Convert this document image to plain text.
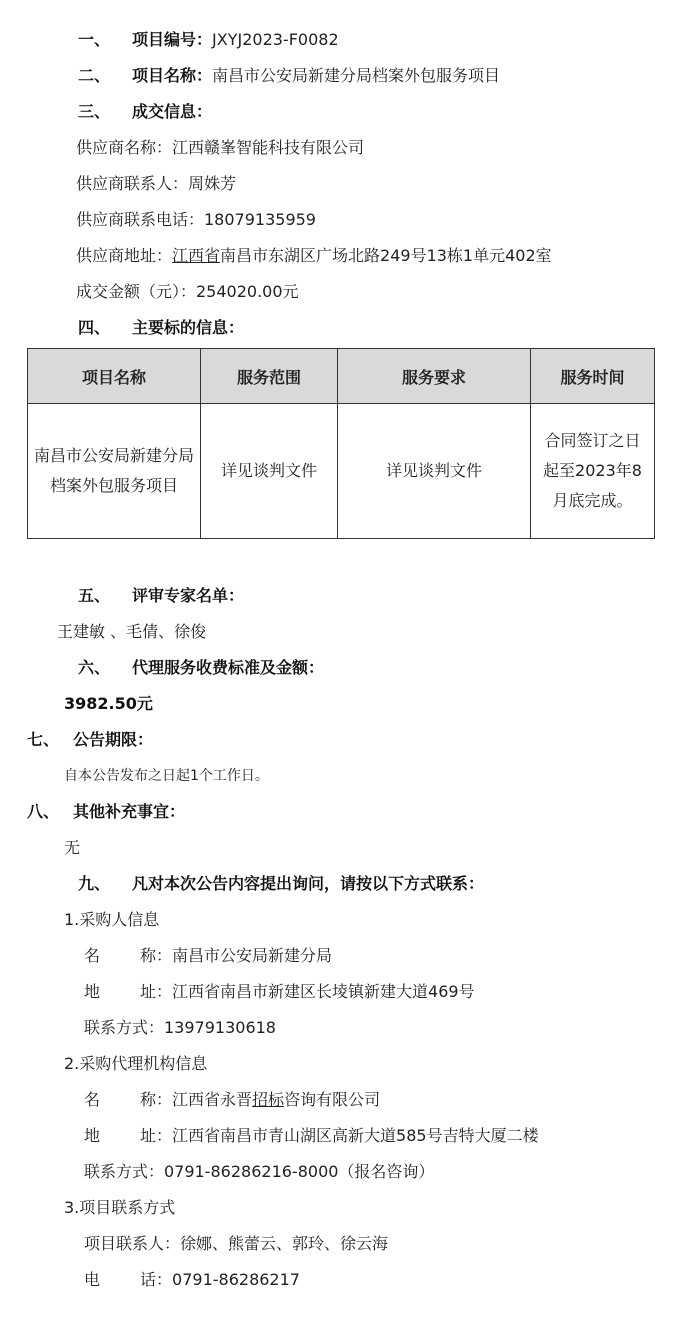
一、 项目编号：JXYJ2023-F0082
二、 项目名称：南昌市公安局新建分局档案外包服务项目
三、 成交信息：
供应商名称：江西赣峯智能科技有限公司
供应商联系人：周姝芳
供应商联系电话：18079135959
供应商地址：江西省南昌市东湖区广场北路249号13栋1单元402室
成交金额（元）：254020.00元
四、 主要标的信息：
项目名称	服务范围	服务要求	服务时间
南昌市公安局新建分局档案外包服务项目	详见谈判文件	详见谈判文件	合同签订之日起至2023年8月底完成。
五、 评审专家名单：
王建敏 、毛倩、徐俊
六、 代理服务收费标准及金额：
3982.50元
七、 公告期限：
自本公告发布之日起1个工作日。
八、 其他补充事宜：
无
九、 凡对本次公告内容提出询问，请按以下方式联系：
1.采购人信息
名	称：南昌市公安局新建分局
地	址：江西省南昌市新建区长堎镇新建大道469号
联系方式：13979130618
2.采购代理机构信息
名	称：江西省永晋招标咨询有限公司
地	址：江西省南昌市青山湖区高新大道585号吉特大厦二楼
联系方式：0791-86286216-8000（报名咨询）
3.项目联系方式
项目联系人：徐娜、熊蕾云、郭玲、徐云海
电	话：0791-86286217
